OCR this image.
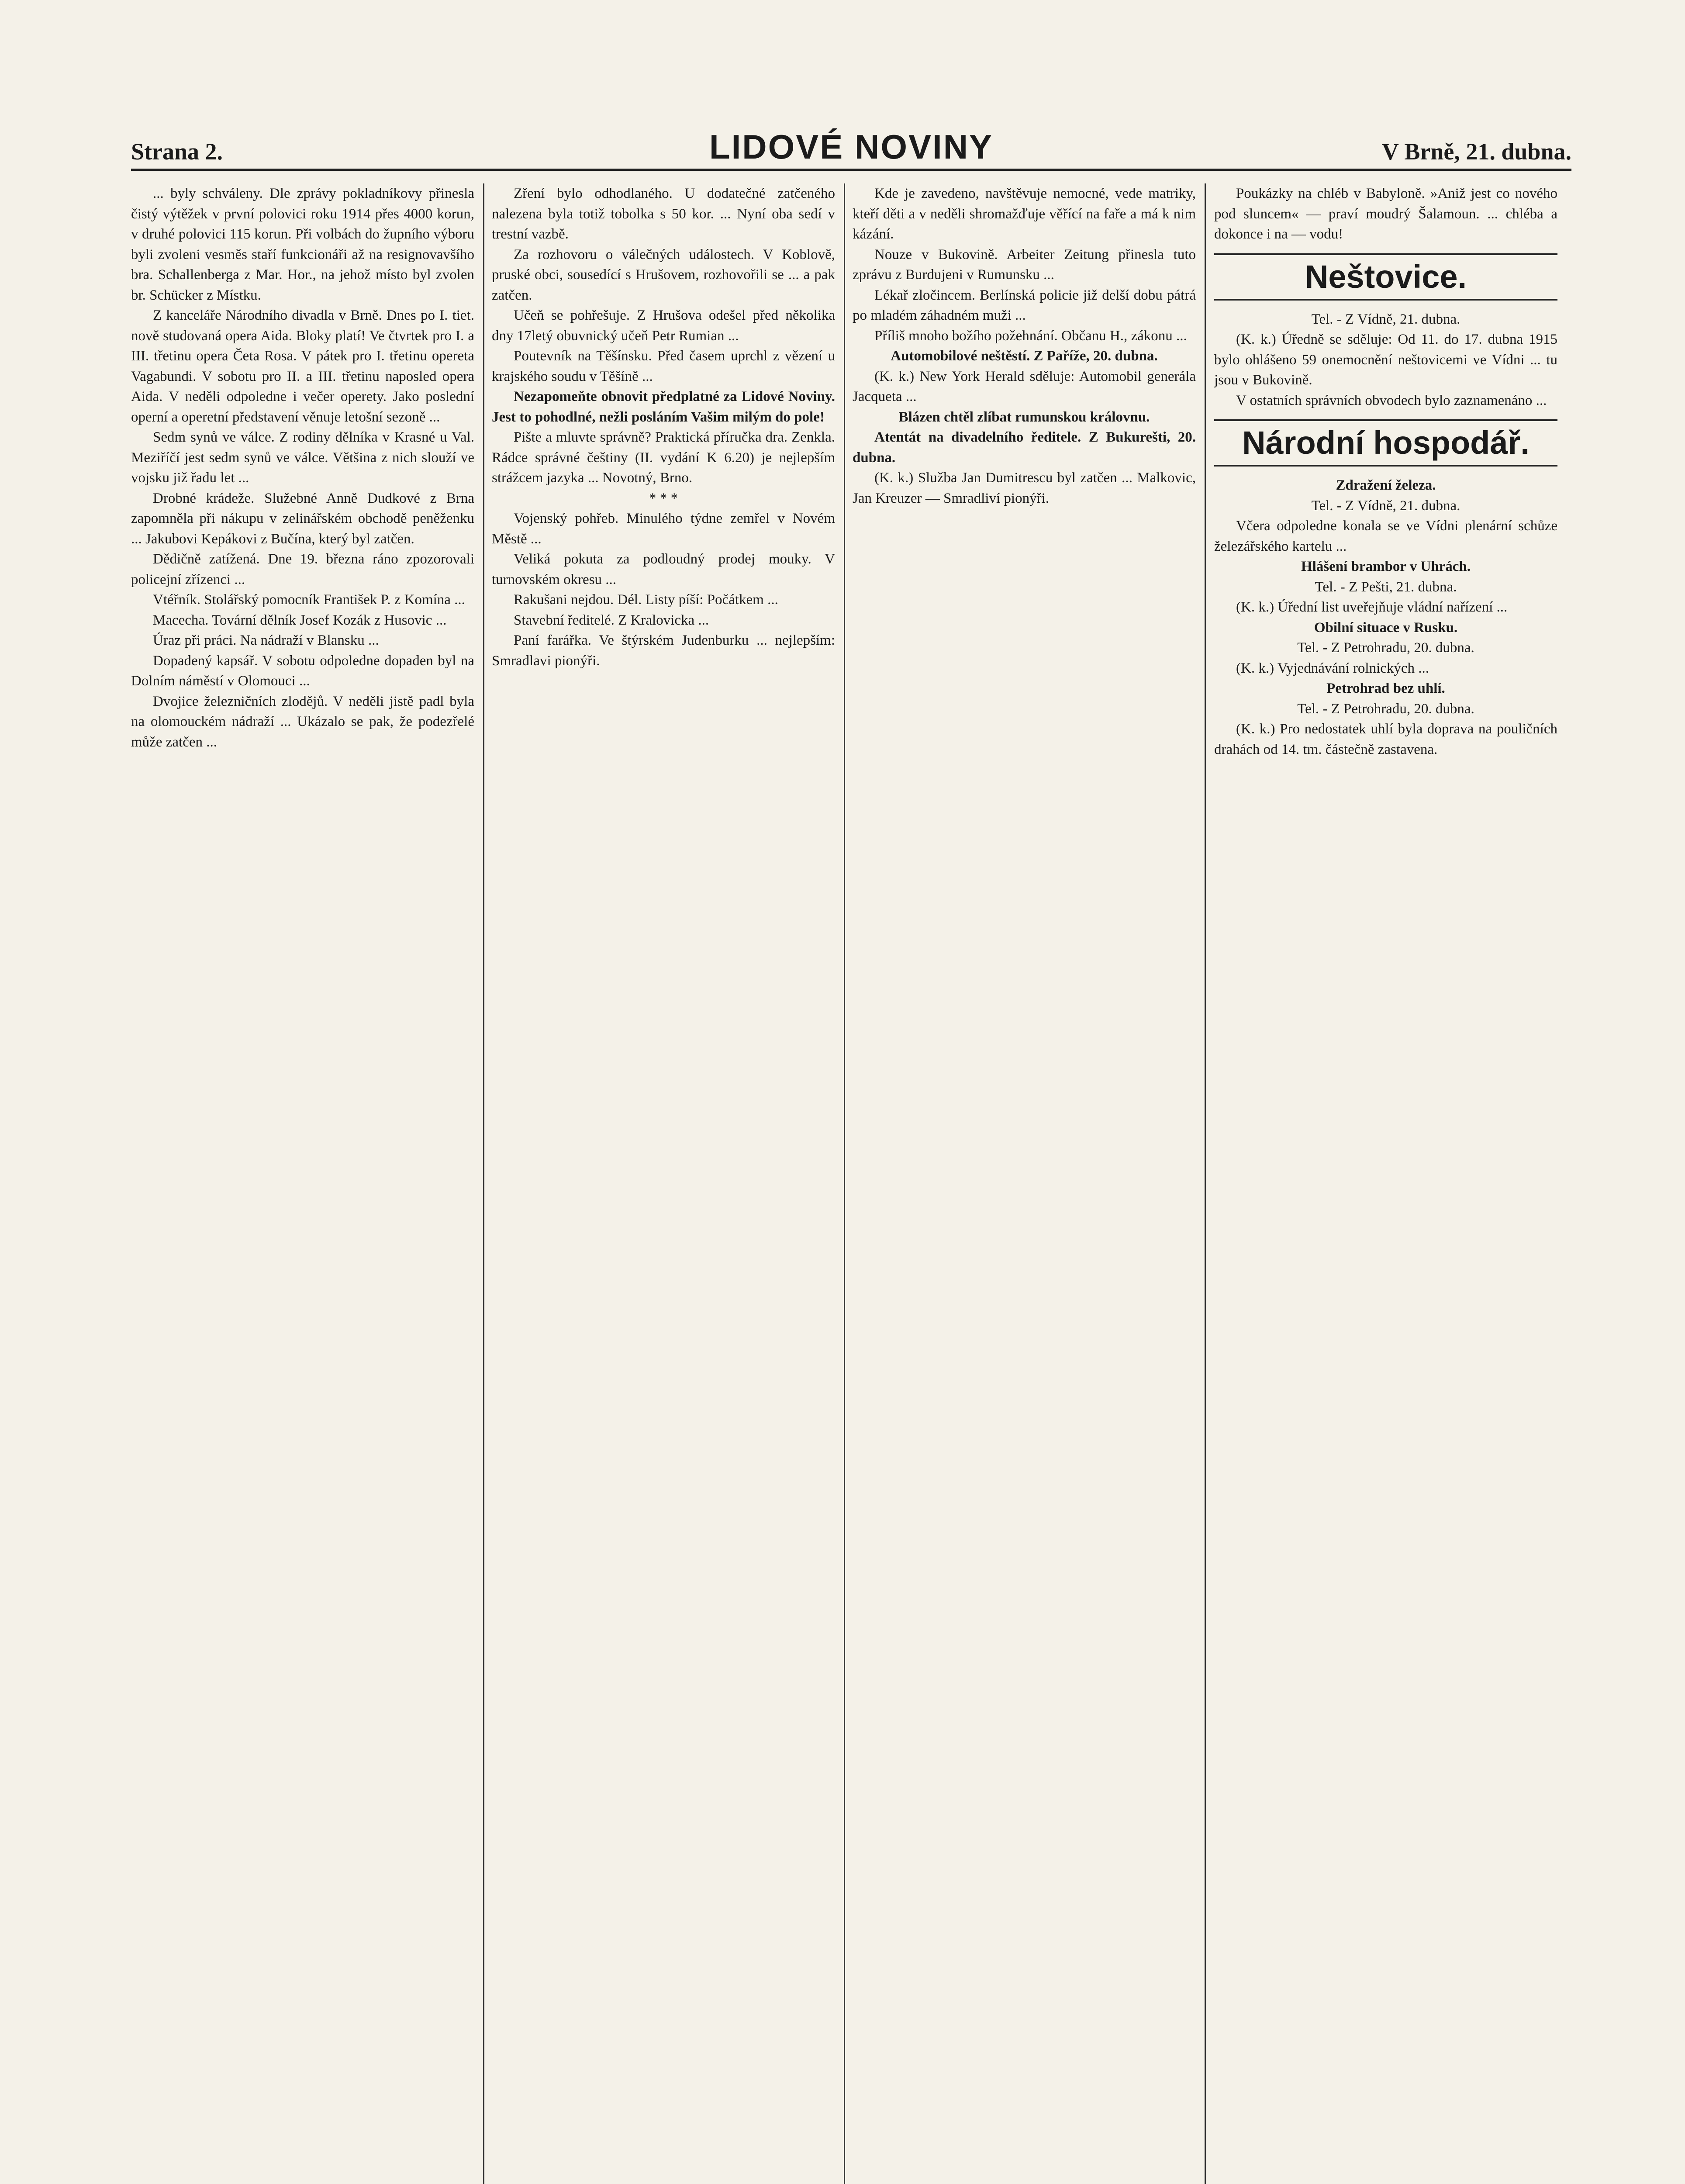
Strana 2.	LIDOVÉ NOVINY	V Brně, 21. dubna.

... byly schváleny. Dle zprávy pokladníkovy přinesla čistý výtěžek v první polovici roku 1914 přes 4000 korun, v druhé polovici 115 korun. Při volbách do župního výboru byli zvoleni vesměs staří funkcionáři až na resignovavšího bra. Schallenberga z Mar. Hor., na jehož místo byl zvolen br. Schücker z Místku.

Z kanceláře Národního divadla v Brně. Dnes po I. tiet. nově studovaná opera Aida. Bloky platí! Ve čtvrtek pro I. a III. třetinu opera Četa Rosa. V pátek pro I. třetinu opereta Vagabundi. V sobotu pro II. a III. třetinu naposled opera Aida. V neděli odpoledne i večer operety. Jako poslední operní a operetní představení věnuje letošní sezoně ...

Sedm synů ve válce. Z rodiny dělníka v Krasné u Val. Meziříčí jest sedm synů ve válce. Většina z nich slouží ve vojsku již řadu let ...

Drobné krádeže. Služebné Anně Dudkové z Brna zapomněla při nákupu v zelinářském obchodě peněženku ... Jakubovi Kepákovi z Bučína, který byl zatčen.

Dědičně zatížená. Dne 19. března ráno zpozorovali policejní zřízenci ...

Vtéřník. Stolářský pomocník František P. z Komína ...

Macecha. Tovární dělník Josef Kozák z Husovic ...

Úraz při práci. Na nádraží v Blansku ...

Dopadený kapsář. V sobotu odpoledne dopaden byl na Dolním náměstí v Olomouci ...

Dvojice železničních zlodějů. V neděli jistě padl byla na olomouckém nádraží ... Ukázalo se pak, že podezřelé může zatčen ...

Zření bylo odhodlaného. U dodatečné zatčeného nalezena byla totiž tobolka s 50 kor. ... Nyní oba sedí v trestní vazbě.

Za rozhovoru o válečných událostech. V Koblově, pruské obci, sousedící s Hrušovem, rozhovořili se ... a pak zatčen.

Učeň se pohřešuje. Z Hrušova odešel před několika dny 17letý obuvnický učeň Petr Rumian ...

Poutevník na Těšínsku. Před časem uprchl z vězení u krajského soudu v Těšíně ...

Nezapomeňte obnovit předplatné za Lidové Noviny. Jest to pohodlné, nežli posláním Vašim milým do pole!

Pište a mluvte správně? Praktická příručka dra. Zenkla. Rádce správné češtiny (II. vydání K 6.20) je nejlepším strážcem jazyka ... Novotný, Brno.

* * *

Vojenský pohřeb. Minulého týdne zemřel v Novém Městě ...

Veliká pokuta za podloudný prodej mouky. V turnovském okresu ...

Rakušani nejdou. Dél. Listy píší: Počátkem ...

Stavební ředitelé. Z Kralovicka ...

Paní farářka. Ve štýrském Judenburku ... nejlepším: Smradlavi pionýři.

Kde je zavedeno, navštěvuje nemocné, vede matriky, kteří děti a v neděli shromažďuje věřící na faře a má k nim kázání.

Nouze v Bukovině. Arbeiter Zeitung přinesla tuto zprávu z Burdujeni v Rumunsku ...

Lékař zločincem. Berlínská policie již delší dobu pátrá po mladém záhadném muži ...

Příliš mnoho božího požehnání. Občanu H., zákonu ...

Automobilové neštěstí. Z Paříže, 20. dubna.

(K. k.) New York Herald sděluje: Automobil generála Jacqueta ...

Blázen chtěl zlíbat rumunskou královnu.

Atentát na divadelního ředitele. Z Bukurešti, 20. dubna.

(K. k.) Služba Jan Dumitrescu byl zatčen ... Malkovic, Jan Kreuzer — Smradliví pionýři.

Poukázky na chléb v Babyloně. »Aniž jest co nového pod sluncem« — praví moudrý Šalamoun. ... chléba a dokonce i na — vodu!

Neštovice.

Tel. - Z Vídně, 21. dubna.

(K. k.) Úředně se sděluje: Od 11. do 17. dubna 1915 bylo ohlášeno 59 onemocnění neštovicemi ve Vídni ... tu jsou v Bukovině.

V ostatních správních obvodech bylo zaznamenáno ...

Národní hospodář.

Zdražení železa.

Tel. - Z Vídně, 21. dubna.

Včera odpoledne konala se ve Vídni plenární schůze železářského kartelu ...

Hlášení brambor v Uhrách.

Tel. - Z Pešti, 21. dubna.

(K. k.) Úřední list uveřejňuje vládní nařízení ...

Obilní situace v Rusku.

Tel. - Z Petrohradu, 20. dubna.

(K. k.) Vyjednávání rolnických ...

Petrohrad bez uhlí.

Tel. - Z Petrohradu, 20. dubna.

(K. k.) Pro nedostatek uhlí byla doprava na pouličních drahách od 14. tm. částečně zastavena.
